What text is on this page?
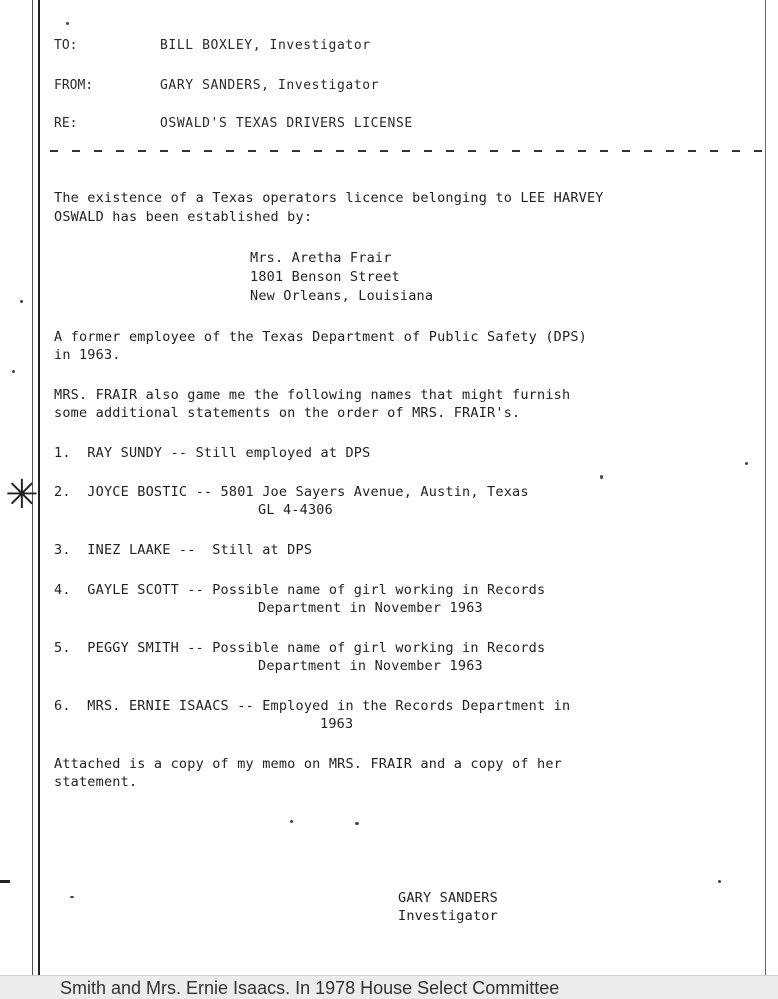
TO:	BILL BOXLEY, Investigator
FROM:	GARY SANDERS, Investigator
RE:	OSWALD'S TEXAS DRIVERS LICENSE
The existence of a Texas operators licence belonging to LEE HARVEY
OSWALD has been established by:
Mrs. Aretha Frair
1801 Benson Street
New Orleans, Louisiana
A former employee of the Texas Department of Public Safety (DPS)
in 1963.
MRS. FRAIR also game me the following names that might furnish
some additional statements on the order of MRS. FRAIR's.
1.  RAY SUNDY -- Still employed at DPS
2.  JOYCE BOSTIC -- 5801 Joe Sayers Avenue, Austin, Texas
GL 4-4306
3.  INEZ LAAKE --  Still at DPS
4.  GAYLE SCOTT -- Possible name of girl working in Records
Department in November 1963
5.  PEGGY SMITH -- Possible name of girl working in Records
Department in November 1963
6.  MRS. ERNIE ISAACS -- Employed in the Records Department in
1963
Attached is a copy of my memo on MRS. FRAIR and a copy of her
statement.
GARY SANDERS
Investigator
✳
Smith and Mrs. Ernie Isaacs. In 1978 House Select Committee
